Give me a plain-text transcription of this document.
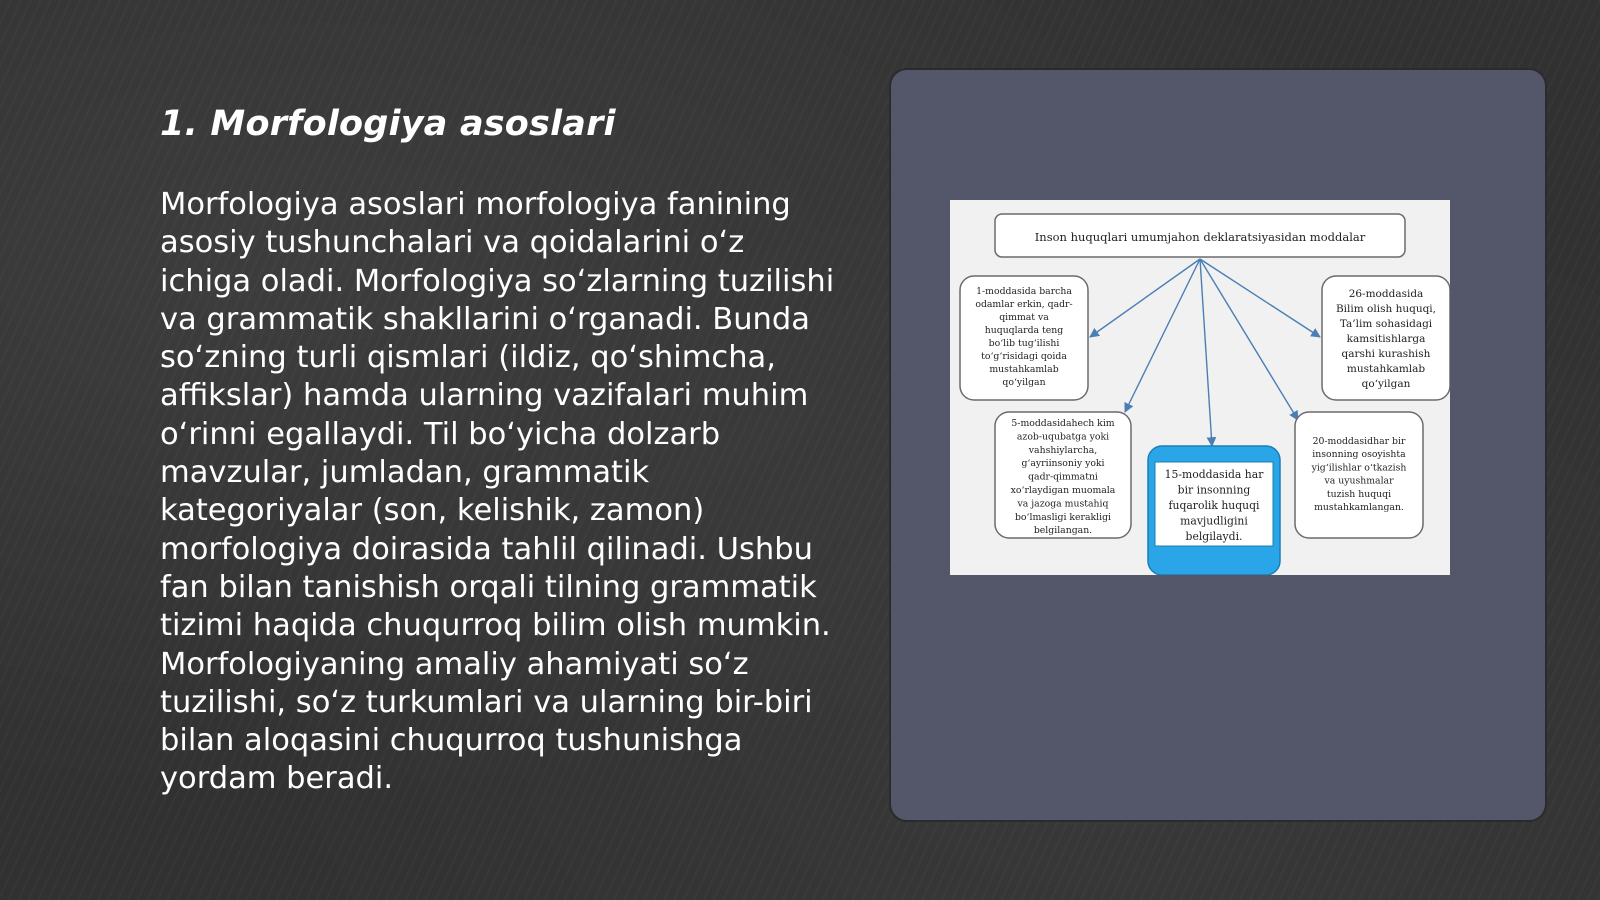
1. Morfologiya asoslari

Morfologiya asoslari morfologiya fanining asosiy tushunchalari va qoidalarini o‘z ichiga oladi. Morfologiya so‘zlarning tuzilishi va grammatik shakllarini o‘rganadi. Bunda so‘zning turli qismlari (ildiz, qo‘shimcha, affikslar) hamda ularning vazifalari muhim o‘rinni egallaydi. Til bo‘yicha dolzarb mavzular, jumladan, grammatik kategoriyalar (son, kelishik, zamon) morfologiya doirasida tahlil qilinadi. Ushbu fan bilan tanishish orqali tilning grammatik tizimi haqida chuqurroq bilim olish mumkin. Morfologiyaning amaliy ahamiyati so‘z tuzilishi, so‘z turkumlari va ularning bir-biri bilan aloqasini chuqurroq tushunishga yordam beradi.

Inson huquqlari umumjahon deklaratsiyasidan moddalar
1-moddasida barcha odamlar erkin, qadr-qimmat va huquqlarda teng bo‘lib tug‘ilishi to‘g‘risidagi qoida mustahkamlab qo‘yilgan
26-moddasida Bilim olish huquqi, Ta’lim sohasidagi kamsitishlarga qarshi kurashish mustahkamlab qo‘yilgan
5-moddasidahech kim azob-uqubatga yoki vahshiylarcha, g‘ayriinsoniy yoki qadr-qimmatni xo‘rlaydigan muomala va jazoga mustahiq bo‘lmasligi kerakligi belgilangan.
15-moddasida har bir insonning fuqarolik huquqi mavjudligini belgilaydi.
20-moddasidhar bir insonning osoyishta yig‘ilishlar o‘tkazish va uyushmalar tuzish huquqi mustahkamlangan.
